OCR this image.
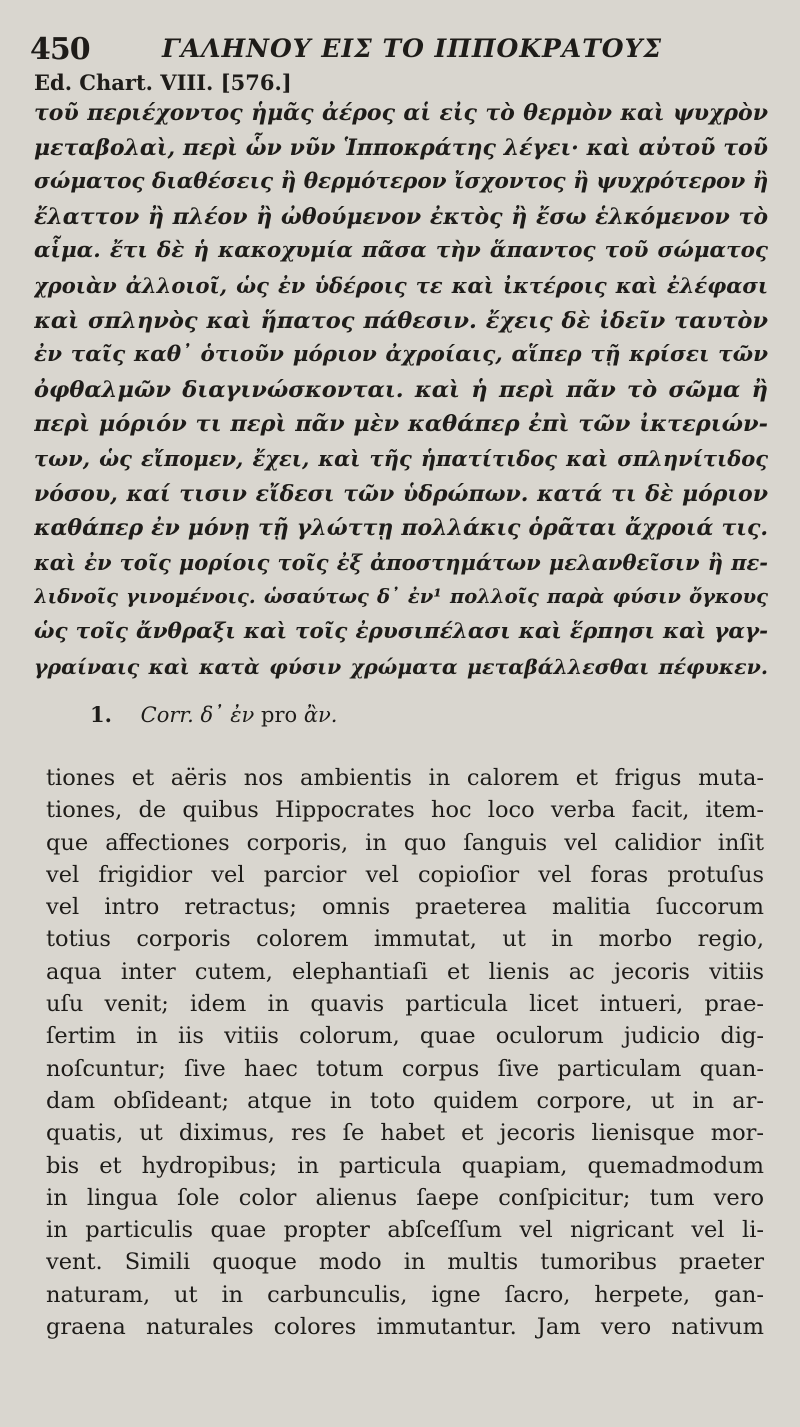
450	ΓΑΛΗΝΟΥ ΕΙΣ ΤΟ ΙΠΠΟΚΡΑΤΟΥΣ
Ed. Chart. VIII. [576.]
τοῦ περιέχοντος ἡμᾶς ἀέρος αἱ εἰς τὸ θερμὸν καὶ ψυχρὸν
μεταβολαὶ, περὶ ὧν νῦν Ἱπποκράτης λέγει· καὶ αὐτοῦ τοῦ
σώματος διαθέσεις ἢ θερμότερον ἴσχοντος ἢ ψυχρότερον ἢ
ἔλαττον ἢ πλέον ἢ ὠθούμενον ἐκτὸς ἢ ἔσω ἑλκόμενον τὸ
αἷμα. ἔτι δὲ ἡ κακοχυμία πᾶσα τὴν ἅπαντος τοῦ σώματος
χροιὰν ἀλλοιοῖ, ὡς ἐν ὑδέροις τε καὶ ἰκτέροις καὶ ἐλέφασι
καὶ σπληνὸς καὶ ἥπατος πάθεσιν. ἔχεις δὲ ἰδεῖν ταυτὸν
ἐν ταῖς καθ᾽ ὁτιοῦν μόριον ἀχροίαις, αἵπερ τῇ κρίσει τῶν
ὀφθαλμῶν διαγινώσκονται. καὶ ἡ περὶ πᾶν τὸ σῶμα ἢ
περὶ μόριόν τι περὶ πᾶν μὲν καθάπερ ἐπὶ τῶν ἰκτεριών-
των, ὡς εἴπομεν, ἔχει, καὶ τῆς ἡπατίτιδος καὶ σπληνίτιδος
νόσου, καί τισιν εἴδεσι τῶν ὑδρώπων. κατά τι δὲ μόριον
καθάπερ ἐν μόνῃ τῇ γλώττῃ πολλάκις ὁρᾶται ἄχροιά τις.
καὶ ἐν τοῖς μορίοις τοῖς ἐξ ἀποστημάτων μελανθεῖσιν ἢ πε-
λιδνοῖς γινομένοις. ὡσαύτως δ᾽ ἐν¹ πολλοῖς παρὰ φύσιν ὄγκους
ὡς τοῖς ἄνθραξι καὶ τοῖς ἐρυσιπέλασι καὶ ἕρπησι καὶ γαγ-
γραίναις καὶ κατὰ φύσιν χρώματα μεταβάλλεσθαι πέφυκεν.
1. Corr. δ᾽ ἐν pro ἂν.
tiones et aëris nos ambientis in calorem et frigus muta-
tiones, de quibus Hippocrates hoc loco verba facit, item-
que affectiones corporis, in quo ſanguis vel calidior inſit
vel frigidior vel parcior vel copioſior vel foras protuſus
vel intro retractus; omnis praeterea malitia ſuccorum
totius corporis colorem immutat, ut in morbo regio,
aqua inter cutem, elephantiaſi et lienis ac jecoris vitiis
uſu venit; idem in quavis particula licet intueri, prae-
ſertim in iis vitiis colorum, quae oculorum judicio dig-
noſcuntur; ſive haec totum corpus ſive particulam quan-
dam obſideant; atque in toto quidem corpore, ut in ar-
quatis, ut diximus, res ſe habet et jecoris lienisque mor-
bis et hydropibus; in particula quapiam, quemadmodum
in lingua ſole color alienus ſaepe conſpicitur; tum vero
in particulis quae propter abſceſſum vel nigricant vel li-
vent. Simili quoque modo in multis tumoribus praeter
naturam, ut in carbunculis, igne ſacro, herpete, gan-
graena naturales colores immutantur. Jam vero nativum
